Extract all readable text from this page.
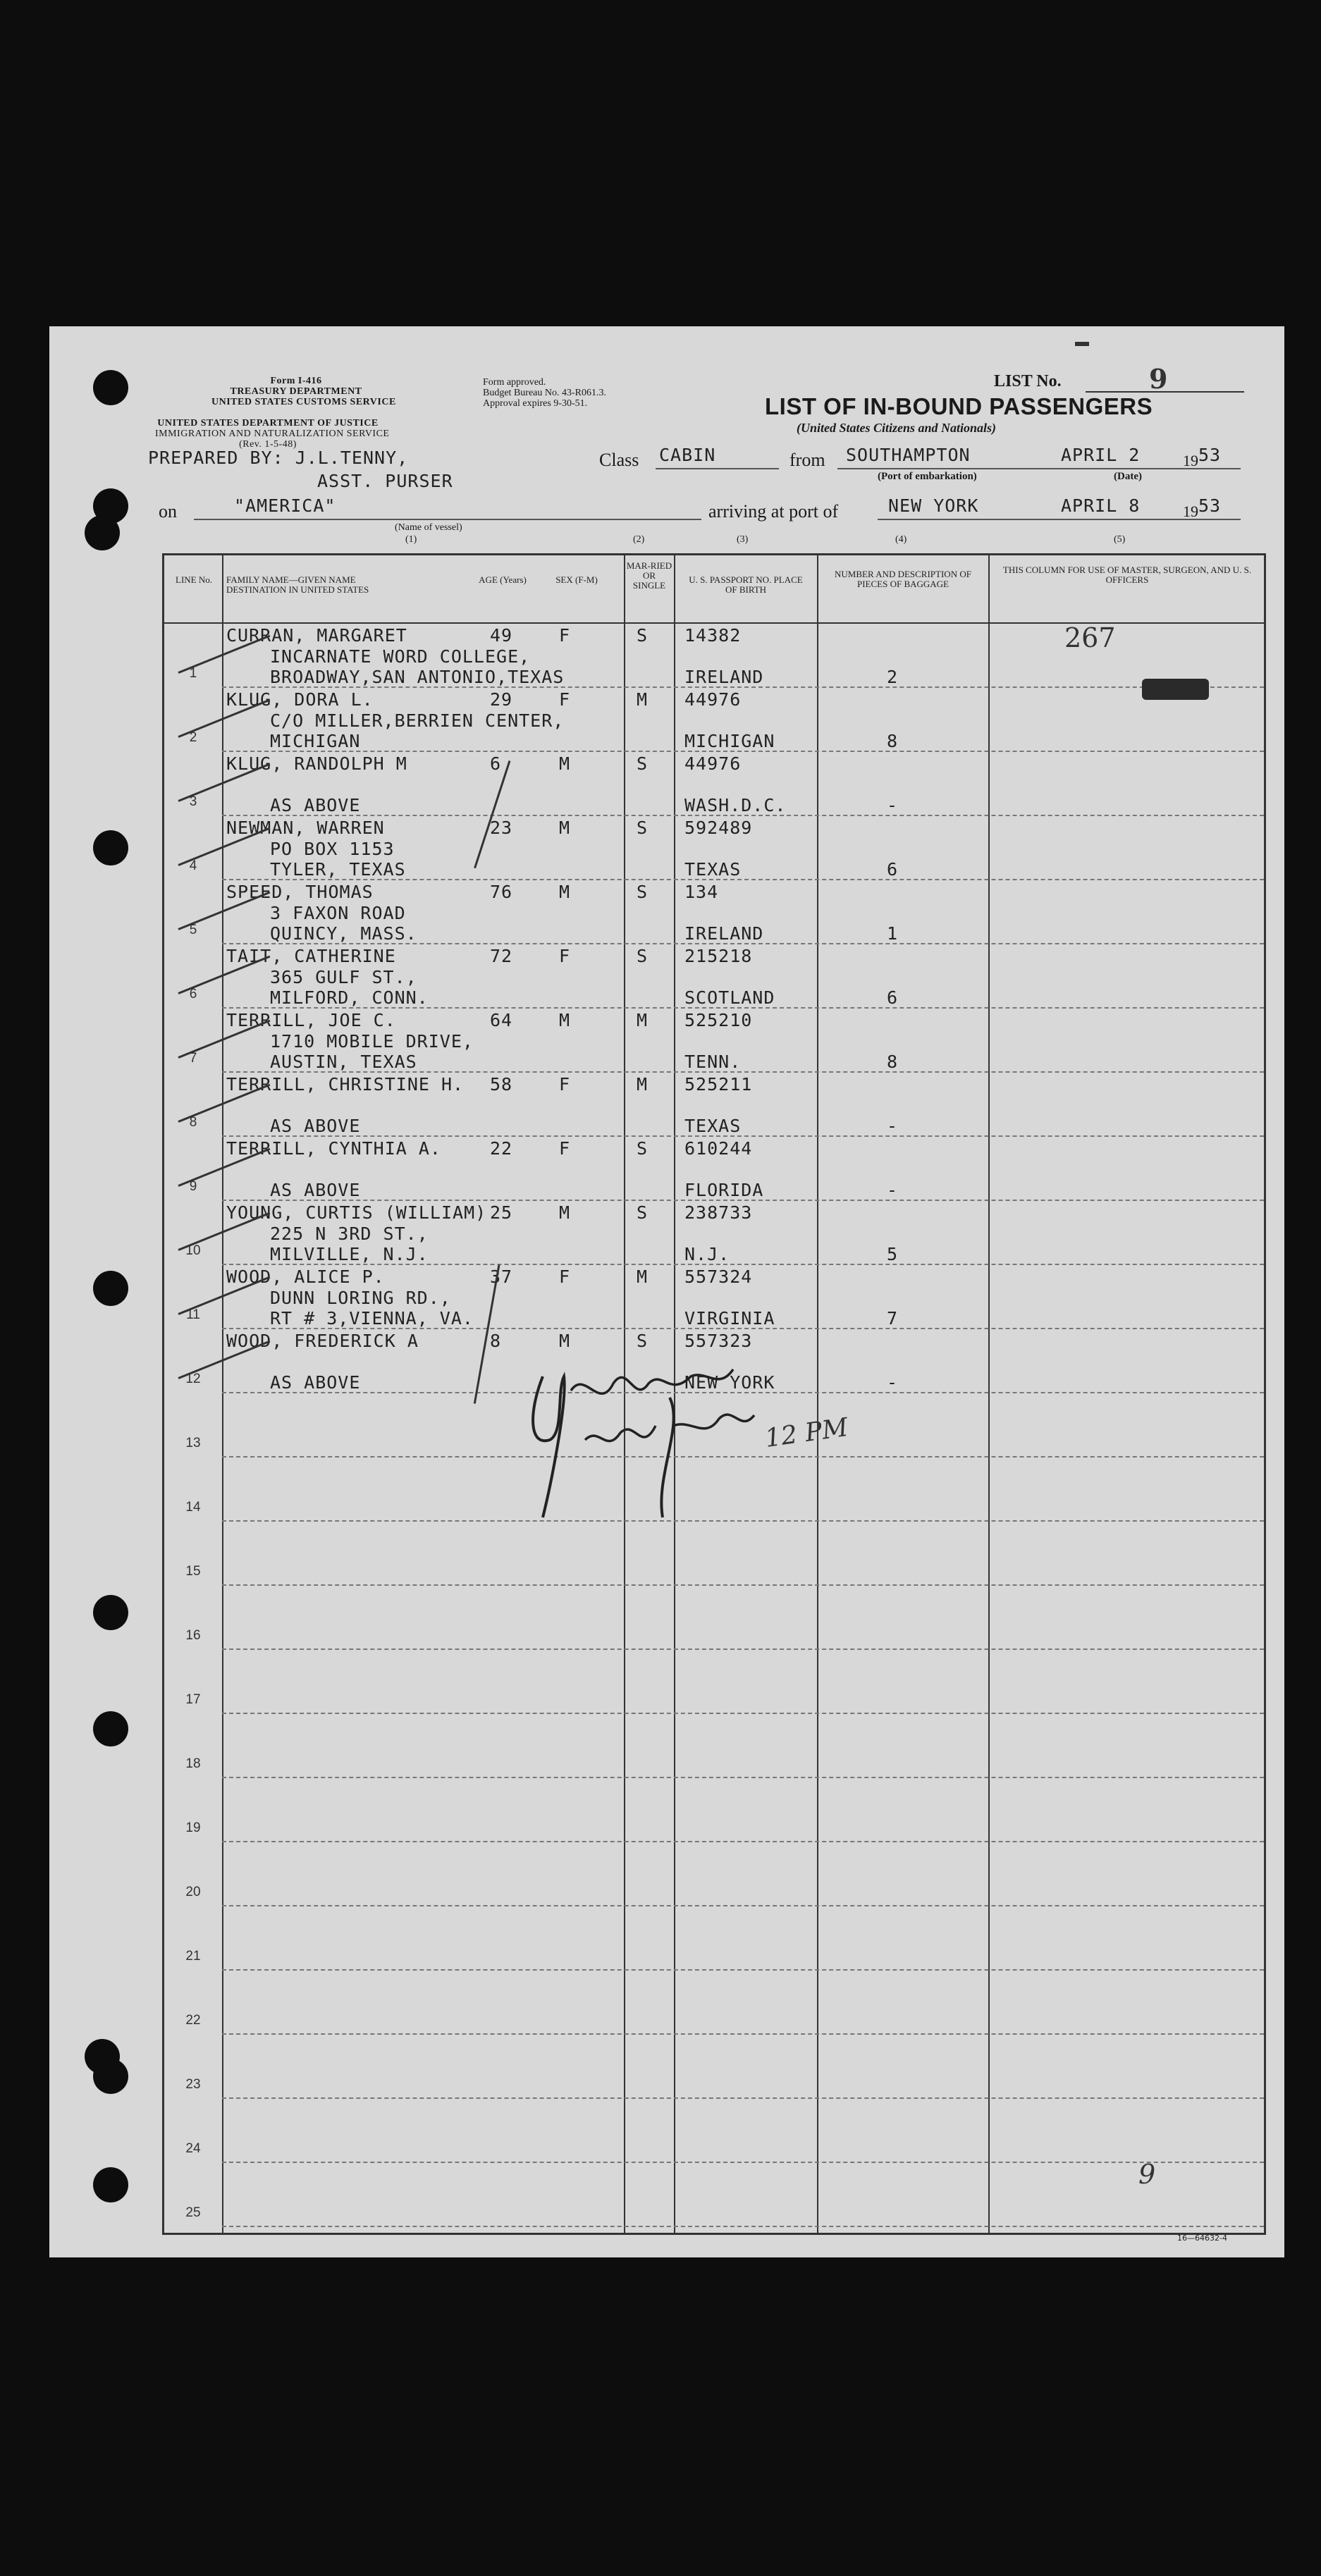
Form I-416
TREASURY DEPARTMENT
UNITED STATES CUSTOMS SERVICE
UNITED STATES DEPARTMENT OF JUSTICE
IMMIGRATION AND NATURALIZATION SERVICE
(Rev. 1-5-48)
Form approved.
Budget Bureau No. 43-R061.3.
Approval expires 9-30-51.
LIST No.	9
LIST OF IN-BOUND PASSENGERS
(United States Citizens and Nationals)
PREPARED BY: J.L.TENNY,
ASST. PURSER
Class CABIN	from SOUTHAMPTON
(Port of embarkation)
APRIL 2	19 53
(Date)
on	"AMERICA"
(Name of vessel)
arriving at port of	NEW YORK	APRIL 8	19 53
(1)	(2)	(3)	(4)	(5)
LINE No.	FAMILY NAME—GIVEN NAME DESTINATION IN UNITED STATES
AGE (Years)	SEX (F-M)
MAR-RIED OR SINGLE
U. S. PASSPORT NO. PLACE OF BIRTH
NUMBER AND DESCRIPTION OF PIECES OF BAGGAGE
THIS COLUMN FOR USE OF MASTER, SURGEON, AND U. S. OFFICERS
1
CURRAN, MARGARET
INCARNATE WORD COLLEGE,
BROADWAY,SAN ANTONIO,TEXAS
49	F	S 14382
IRELAND	2
2
KLUG, DORA L.
C/O MILLER,BERRIEN CENTER,
MICHIGAN
29	F	M 44976
MICHIGAN	8
3
KLUG, RANDOLPH M
AS ABOVE
6	M	S 44976
WASH.D.C.	-
4
NEWMAN, WARREN
PO BOX 1153
TYLER, TEXAS
23	M	S 592489
TEXAS	6
5
SPEED, THOMAS
3 FAXON ROAD
QUINCY, MASS.
76	M	S 134
IRELAND	1
6
TAIT, CATHERINE
365 GULF ST.,
MILFORD, CONN.
72	F	S 215218
SCOTLAND	6
7
TERRILL, JOE C.
1710 MOBILE DRIVE,
AUSTIN, TEXAS
64	M	M 525210
TENN.	8
8
TERRILL, CHRISTINE H.
AS ABOVE
58	F	M 525211
TEXAS	-
9
TERRILL, CYNTHIA A.
AS ABOVE
22	F	S 610244
FLORIDA	-
10
YOUNG, CURTIS (WILLIAM)
225 N 3RD ST.,
MILVILLE, N.J.
25	M	S 238733
N.J.	5
11
WOOD, ALICE P.
DUNN LORING RD.,
RT # 3,VIENNA, VA.
37	F	M 557324
VIRGINIA	7
12
WOOD, FREDERICK A
AS ABOVE
8	M	S 557323
NEW YORK	-
13
14
15
16
17
18
19
20
21
22
23
24
25
267
12 PM
9
16—64632-4
